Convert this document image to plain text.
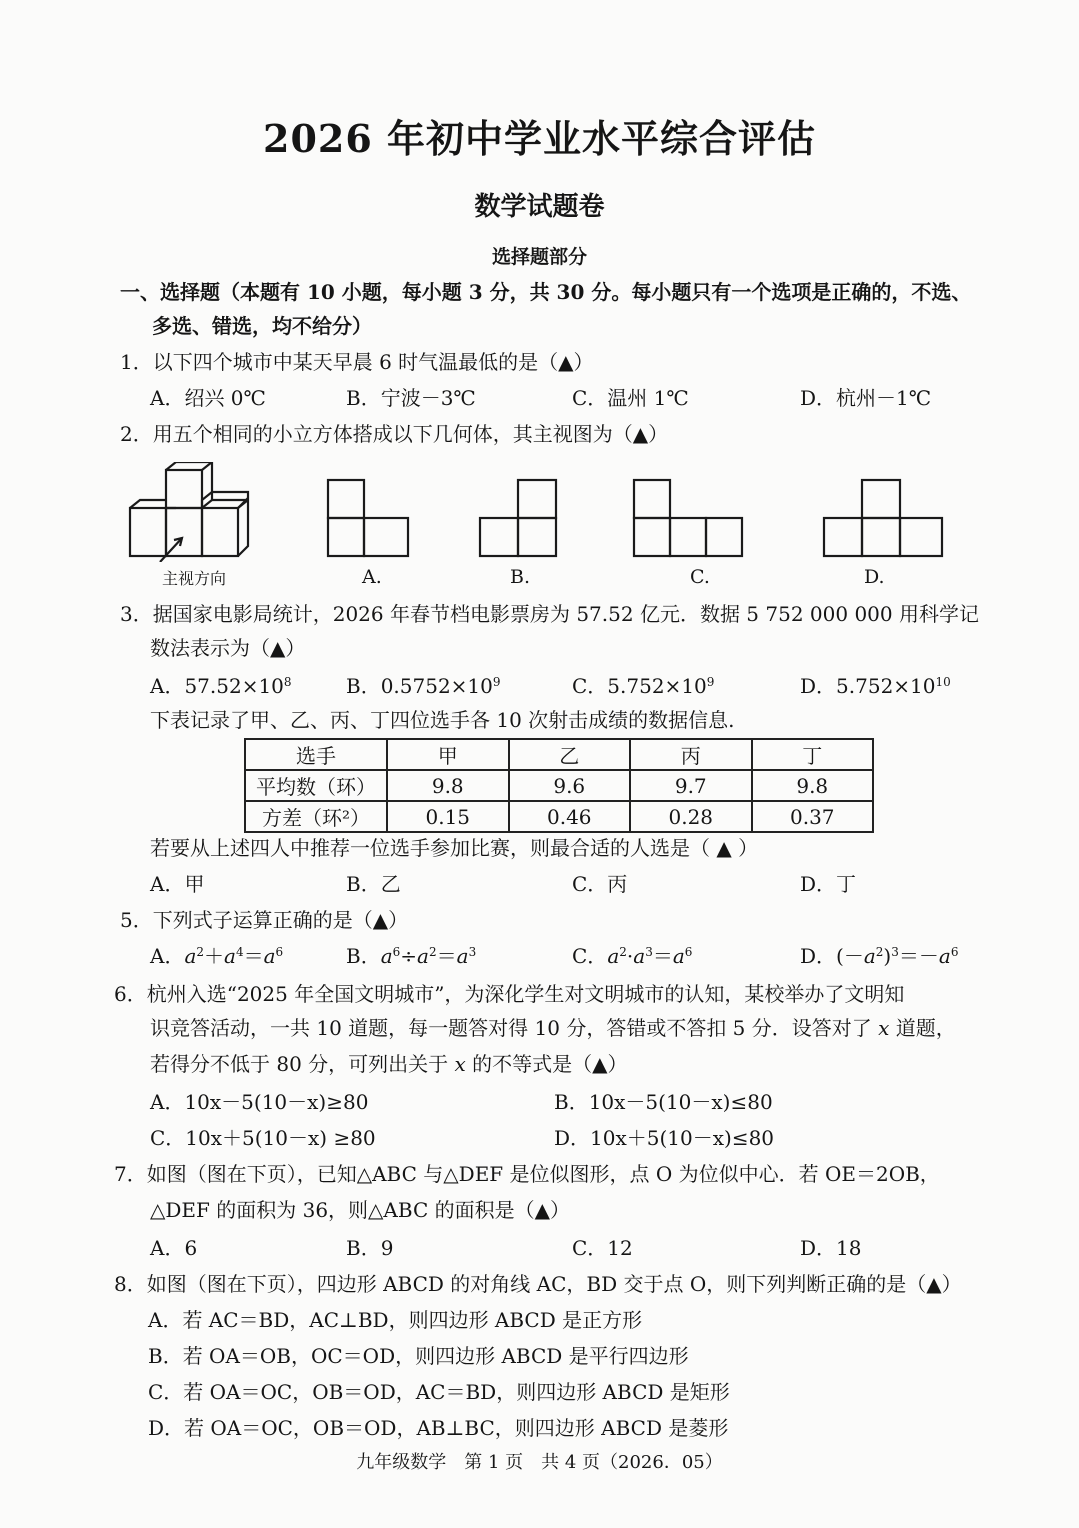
2026 年初中学业水平综合评估
数学试题卷
选择题部分
一、选择题（本题有 10 小题，每小题 3 分，共 30 分。每小题只有一个选项是正确的，不选、
多选、错选，均不给分）
1．以下四个城市中某天早晨 6 时气温最低的是（▲）
A．绍兴 0℃	B．宁波－3℃	C．温州 1℃	D．杭州－1℃
2．用五个相同的小立方体搭成以下几何体，其主视图为（▲）
主视方向	A.	B.	C.	D.
3．据国家电影局统计，2026 年春节档电影票房为 57.52 亿元．数据 5 752 000 000 用科学记
数法表示为（▲）
A．$57.52\times 10^8$	B．$0.5752\times 10^9$	C．$5.752\times 10^9$	D．$5.752\times 10^{10}$
下表记录了甲、乙、丙、丁四位选手各 10 次射击成绩的数据信息.
选手	甲	乙	丙	丁
平均数（环）	9.8	9.6	9.7	9.8
方差（环²）	0.15	0.46	0.28	0.37
若要从上述四人中推荐一位选手参加比赛，则最合适的人选是（ ▲ ）
A．甲	B．乙	C．丙	D．丁
5．下列式子运算正确的是（▲）
A．$a^2+a^4=a^6$	B．$a^6\div a^2=a^3$	C．$a^2\cdot a^3=a^6$	D．$(-a^2)^3=-a^6$
6．杭州入选“2025 年全国文明城市”，为深化学生对文明城市的认知，某校举办了文明知
识竞答活动，一共 10 道题，每一题答对得 10 分，答错或不答扣 5 分．设答对了 x 道题，
若得分不低于 80 分，可列出关于 x 的不等式是（▲）
A．10x－5(10－x)≥80	B．10x－5(10－x)≤80
C．10x＋5(10－x) ≥80	D．10x＋5(10－x)≤80
7．如图（图在下页），已知△ABC 与△DEF 是位似图形，点 O 为位似中心．若 OE＝2OB，
△DEF 的面积为 36，则△ABC 的面积是（▲）
A．6	B．9	C．12	D．18
8．如图（图在下页），四边形 ABCD 的对角线 AC，BD 交于点 O，则下列判断正确的是（▲）
A．若 AC＝BD，AC⊥BD，则四边形 ABCD 是正方形
B．若 OA＝OB，OC＝OD，则四边形 ABCD 是平行四边形
C．若 OA＝OC，OB＝OD，AC＝BD，则四边形 ABCD 是矩形
D．若 OA＝OC，OB＝OD，AB⊥BC，则四边形 ABCD 是菱形
九年级数学　第 1 页　共 4 页（2026．05）
